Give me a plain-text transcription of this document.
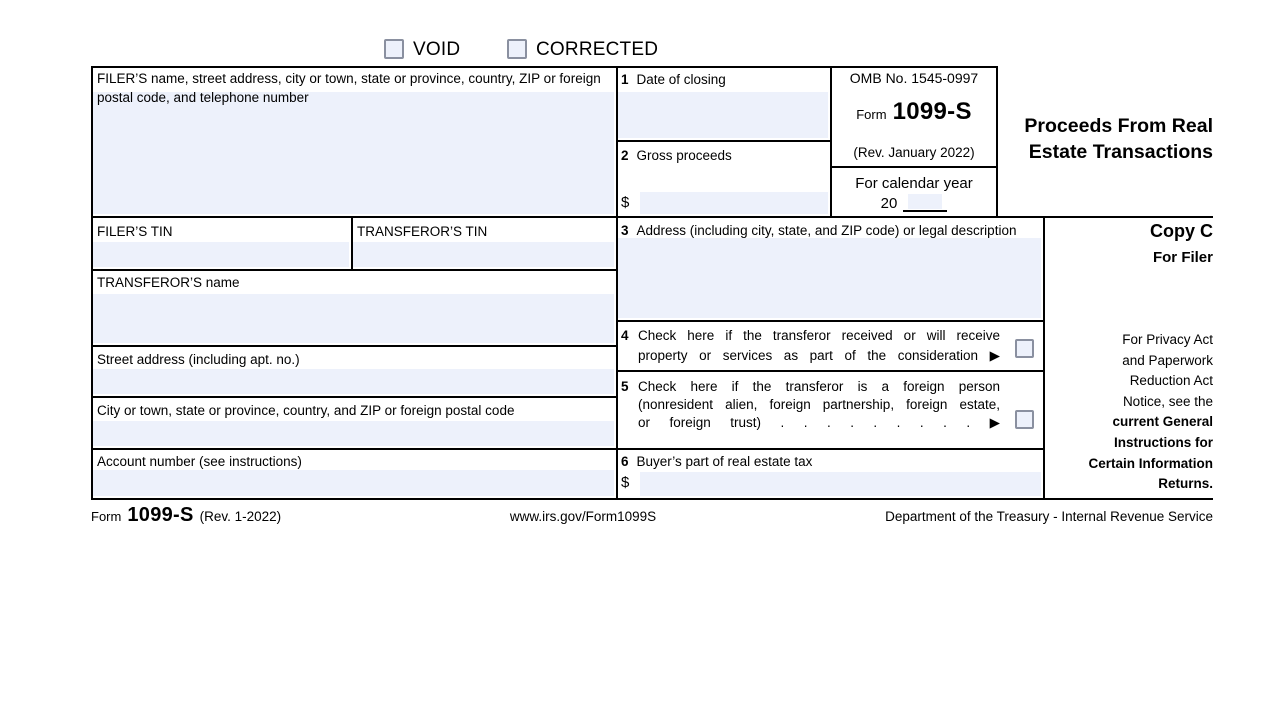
VOID	CORRECTED
FILER’S name, street address, city or town, state or province, country, ZIP or foreign postal code, and telephone number
1 Date of closing
2 Gross proceeds
$
OMB No. 1545-0997
Form 1099-S
(Rev. January 2022)
For calendar year
20
Proceeds From Real
Estate Transactions
FILER’S TIN	TRANSFEROR’S TIN	3 Address (including city, state, and ZIP code) or legal description	Copy C
For Filer
TRANSFEROR’S name
Street address (including apt. no.)
City or town, state or province, country, and ZIP or foreign postal code
4 Check here if the transferor received or will receive
property or services as part of the consideration ▶
5 Check here if the transferor is a foreign person
(nonresident alien, foreign partnership, foreign estate,
or foreign trust) . . . . . . . . . ▶
Account number (see instructions)	6 Buyer’s part of real estate tax
$
For Privacy Act
and Paperwork
Reduction Act
Notice, see the
current General
Instructions for
Certain Information
Returns.
Form 1099-S (Rev. 1-2022)	www.irs.gov/Form1099S	Department of the Treasury - Internal Revenue Service
